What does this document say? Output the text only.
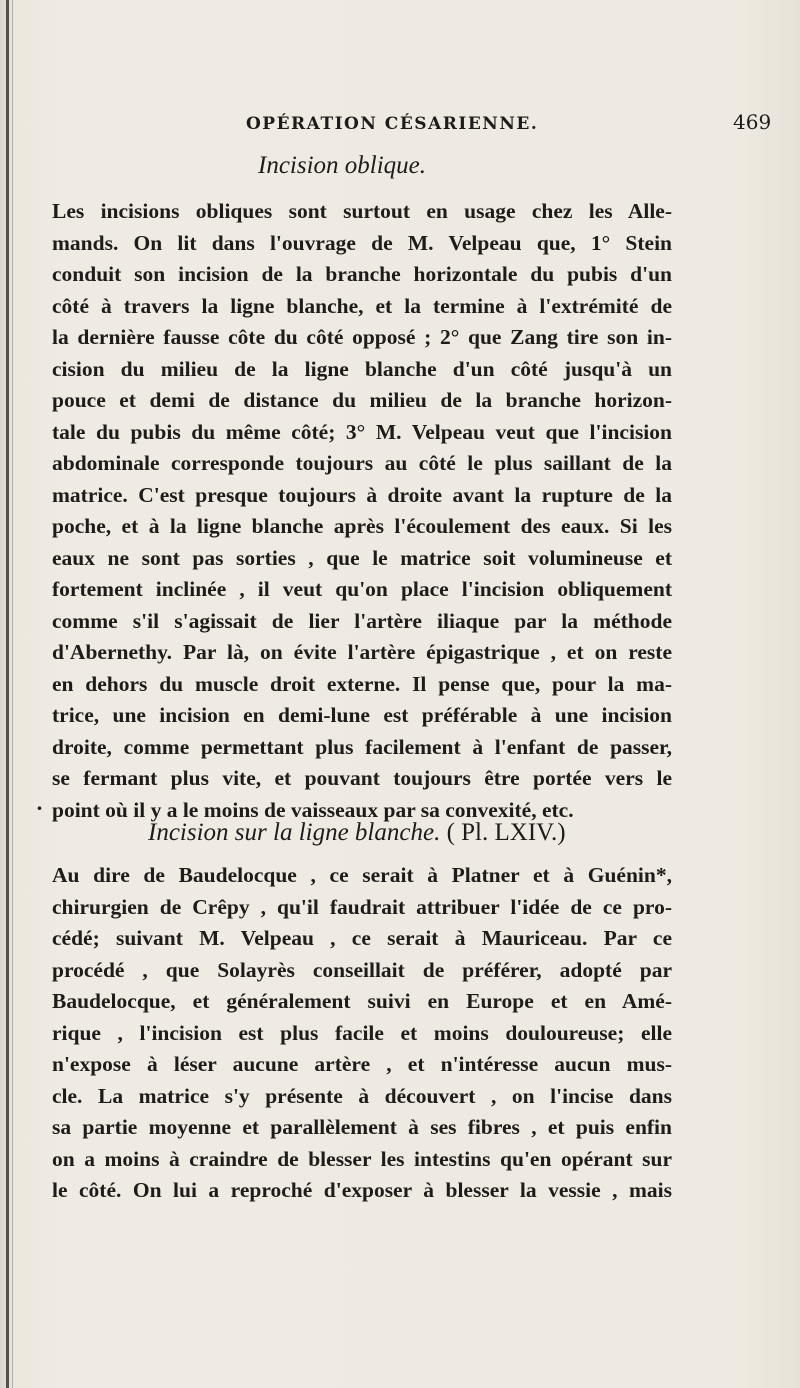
OPÉRATION CÉSARIENNE.	469
Incision oblique.
Les incisions obliques sont surtout en usage chez les Alle-
mands. On lit dans l'ouvrage de M. Velpeau que, 1° Stein
conduit son incision de la branche horizontale du pubis d'un
côté à travers la ligne blanche, et la termine à l'extrémité de
la dernière fausse côte du côté opposé ; 2° que Zang tire son in-
cision du milieu de la ligne blanche d'un côté jusqu'à un
pouce et demi de distance du milieu de la branche horizon-
tale du pubis du même côté; 3° M. Velpeau veut que l'incision
abdominale corresponde toujours au côté le plus saillant de la
matrice. C'est presque toujours à droite avant la rupture de la
poche, et à la ligne blanche après l'écoulement des eaux. Si les
eaux ne sont pas sorties , que le matrice soit volumineuse et
fortement inclinée , il veut qu'on place l'incision obliquement
comme s'il s'agissait de lier l'artère iliaque par la méthode
d'Abernethy. Par là, on évite l'artère épigastrique , et on reste
en dehors du muscle droit externe. Il pense que, pour la ma-
trice, une incision en demi-lune est préférable à une incision
droite, comme permettant plus facilement à l'enfant de passer,
se fermant plus vite, et pouvant toujours être portée vers le
point où il y a le moins de vaisseaux par sa convexité, etc.
Incision sur la ligne blanche. ( Pl. LXIV.)
Au dire de Baudelocque , ce serait à Platner et à Guénin*,
chirurgien de Crêpy , qu'il faudrait attribuer l'idée de ce pro-
cédé; suivant M. Velpeau , ce serait à Mauriceau. Par ce
procédé , que Solayrès conseillait de préférer, adopté par
Baudelocque, et généralement suivi en Europe et en Amé-
rique , l'incision est plus facile et moins douloureuse; elle
n'expose à léser aucune artère , et n'intéresse aucun mus-
cle. La matrice s'y présente à découvert , on l'incise dans
sa partie moyenne et parallèlement à ses fibres , et puis enfin
on a moins à craindre de blesser les intestins qu'en opérant sur
le côté. On lui a reproché d'exposer à blesser la vessie , mais
·
